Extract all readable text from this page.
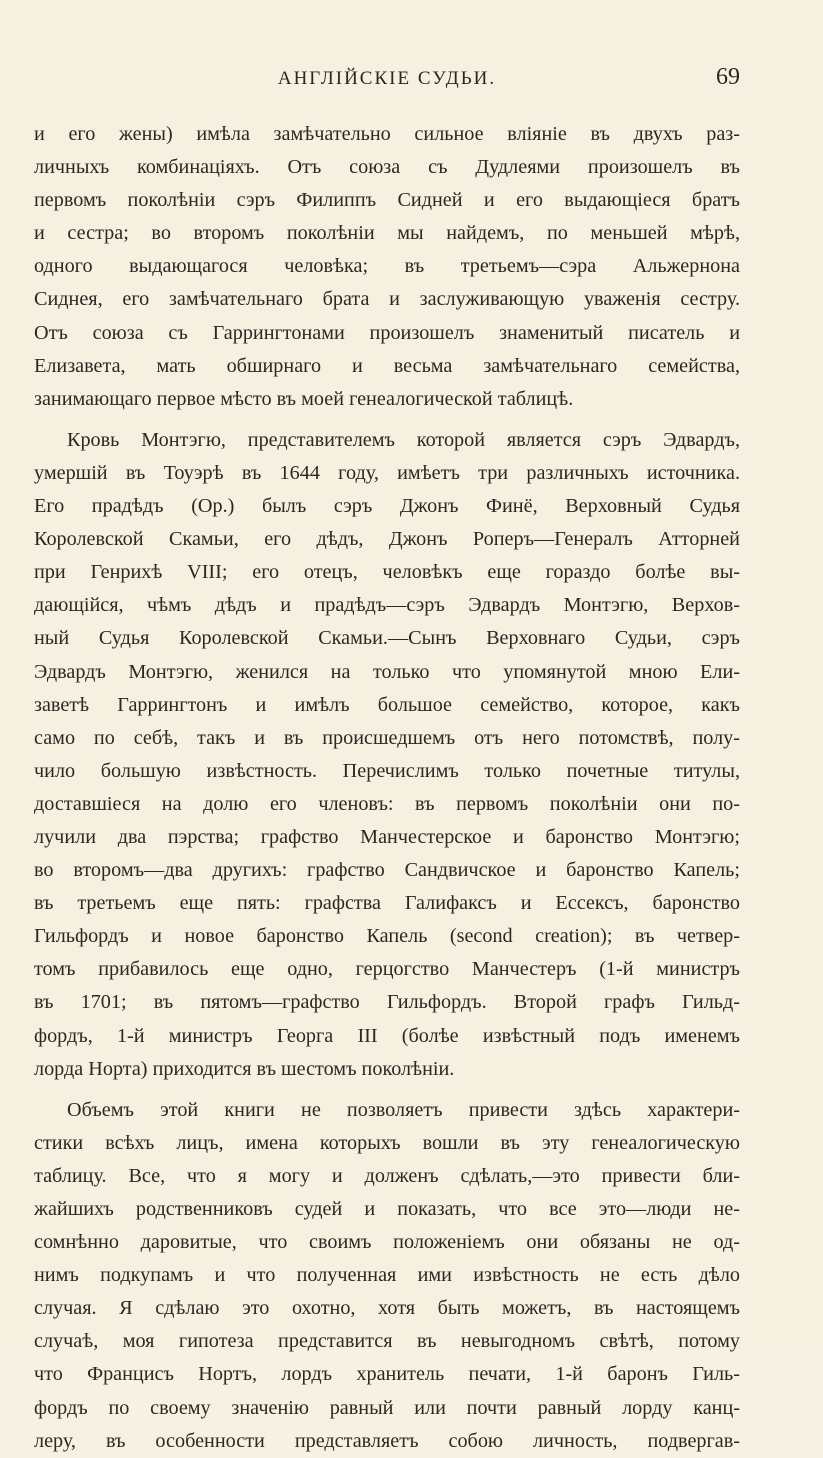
АНГЛІЙСКІЕ СУДЬИ.	69
и его жены) имѣла замѣчательно сильное вліяніе въ двухъ раз-
личныхъ комбинаціяхъ. Отъ союза съ Дудлеями произошелъ въ
первомъ поколѣніи сэръ Филиппъ Сидней и его выдающіеся братъ
и сестра; во второмъ поколѣніи мы найдемъ, по меньшей мѣрѣ,
одного выдающагося человѣка; въ третьемъ—сэра Альжернона
Сиднея, его замѣчательнаго брата и заслуживающую уваженія сестру.
Отъ союза съ Гаррингтонами произошелъ знаменитый писатель и
Елизавета, мать обширнаго и весьма замѣчательнаго семейства,
занимающаго первое мѣсто въ моей генеалогической таблицѣ.
Кровь Монтэгю, представителемъ которой является сэръ Эдвардъ,
умершій въ Тоуэрѣ въ 1644 году, имѣетъ три различныхъ источника.
Его прадѣдъ (Ор.) былъ сэръ Джонъ Финё, Верховный Судья
Королевской Скамьи, его дѣдъ, Джонъ Роперъ—Генералъ Атторней
при Генрихѣ VIII; его отецъ, человѣкъ еще гораздо болѣе вы-
дающійся, чѣмъ дѣдъ и прадѣдъ—сэръ Эдвардъ Монтэгю, Верхов-
ный Судья Королевской Скамьи.—Сынъ Верховнаго Судьи, сэръ
Эдвардъ Монтэгю, женился на только что упомянутой мною Ели-
заветѣ Гаррингтонъ и имѣлъ большое семейство, которое, какъ
само по себѣ, такъ и въ происшедшемъ отъ него потомствѣ, полу-
чило большую извѣстность. Перечислимъ только почетные титулы,
доставшіеся на долю его членовъ: въ первомъ поколѣніи они по-
лучили два пэрства; графство Манчестерское и баронство Монтэгю;
во второмъ—два другихъ: графство Сандвичское и баронство Капель;
въ третьемъ еще пять: графства Галифаксъ и Ессексъ, баронство
Гильфордъ и новое баронство Капель (second creation); въ четвер-
томъ прибавилось еще одно, герцогство Манчестеръ (1-й министръ
въ 1701; въ пятомъ—графство Гильфордъ. Второй графъ Гильд-
фордъ, 1-й министръ Георга III (болѣе извѣстный подъ именемъ
лорда Норта) приходится въ шестомъ поколѣніи.
Объемъ этой книги не позволяетъ привести здѣсь характери-
стики всѣхъ лицъ, имена которыхъ вошли въ эту генеалогическую
таблицу. Все, что я могу и долженъ сдѣлать,—это привести бли-
жайшихъ родственниковъ судей и показать, что все это—люди не-
сомнѣнно даровитые, что своимъ положеніемъ они обязаны не од-
нимъ подкупамъ и что полученная ими извѣстность не есть дѣло
случая. Я сдѣлаю это охотно, хотя быть можетъ, въ настоящемъ
случаѣ, моя гипотеза представится въ невыгодномъ свѣтѣ, потому
что Францисъ Нортъ, лордъ хранитель печати, 1-й баронъ Гиль-
фордъ по своему значенію равный или почти равный лорду канц-
леру, въ особенности представляетъ собою личность, подвергав-
